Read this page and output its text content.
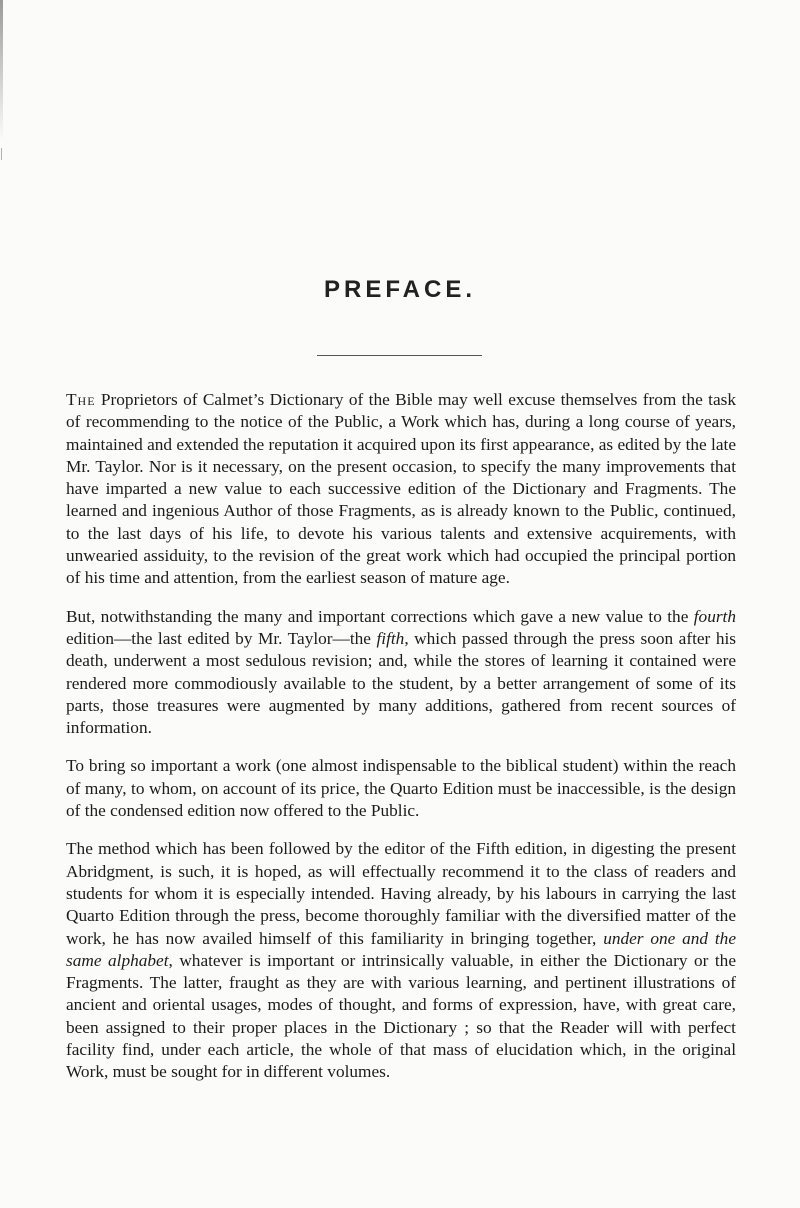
PREFACE.

The Proprietors of Calmet’s Dictionary of the Bible may well excuse themselves from the task of recommending to the notice of the Public, a Work which has, during a long course of years, maintained and extended the reputation it acquired upon its first appearance, as edited by the late Mr. Taylor. Nor is it necessary, on the present occasion, to specify the many improvements that have imparted a new value to each successive edition of the Dictionary and Fragments. The learned and ingenious Author of those Fragments, as is already known to the Public, continued, to the last days of his life, to devote his various talents and extensive acquirements, with unwearied assiduity, to the revision of the great work which had occupied the principal portion of his time and attention, from the earliest season of mature age.

But, notwithstanding the many and important corrections which gave a new value to the fourth edition—the last edited by Mr. Taylor—the fifth, which passed through the press soon after his death, underwent a most sedulous revision; and, while the stores of learning it contained were rendered more commodiously available to the student, by a better arrangement of some of its parts, those treasures were augmented by many additions, gathered from recent sources of information.

To bring so important a work (one almost indispensable to the biblical student) within the reach of many, to whom, on account of its price, the Quarto Edition must be inaccessible, is the design of the condensed edition now offered to the Public.

The method which has been followed by the editor of the Fifth edition, in digesting the present Abridgment, is such, it is hoped, as will effectually recommend it to the class of readers and students for whom it is especially intended. Having already, by his labours in carrying the last Quarto Edition through the press, become thoroughly familiar with the diversified matter of the work, he has now availed himself of this familiarity in bringing together, under one and the same alphabet, whatever is important or intrinsically valuable, in either the Dictionary or the Fragments. The latter, fraught as they are with various learning, and pertinent illustrations of ancient and oriental usages, modes of thought, and forms of expression, have, with great care, been assigned to their proper places in the Dictionary ; so that the Reader will with perfect facility find, under each article, the whole of that mass of elucidation which, in the original Work, must be sought for in different volumes.
